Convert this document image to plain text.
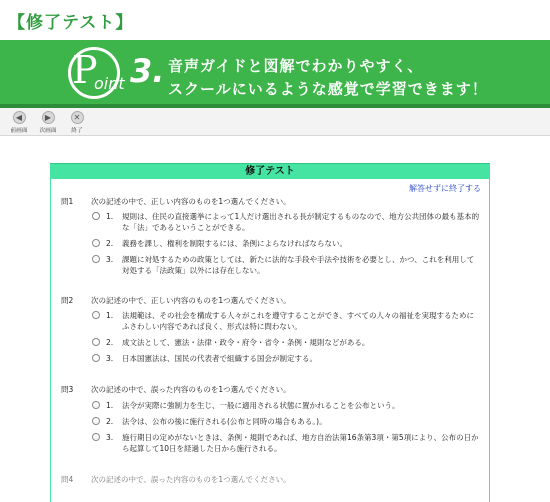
【修了テスト】
P
oint 3. 音声ガイドと図解でわかりやすく、
スクールにいるような感覚で学習できます！
◀
前画面
▶
次画面
✕
終了
修了テスト
解答せずに終了する
問1	次の記述の中で、正しい内容のものを1つ選んでください。
1. 規則は、住民の直接選挙によって1人だけ選出される長が制定するものなので、地方公共団体の最も基本的な「法」であるということができる。
2. 義務を課し、権利を制限するには、条例によらなければならない。
3. 課題に対処するための政策としては、新たに法的な手段や手法や技術を必要とし、かつ、これを利用して対処する「法政策」以外には存在しない。
問2	次の記述の中で、正しい内容のものを1つ選んでください。
1. 法規範は、その社会を構成する人々がこれを遵守することができ、すべての人々の福祉を実現するためにふさわしい内容であれば良く、形式は特に問わない。
2. 成文法として、憲法・法律・政令・府令・省令・条例・規則などがある。
3. 日本国憲法は、国民の代表者で組織する国会が制定する。
問3	次の記述の中で、誤った内容のものを1つ選んでください。
1. 法令が実際に強制力を生じ、一般に適用される状態に置かれることを公布という。
2. 法令は、公布の後に施行される(公布と同時の場合もある。)。
3. 施行期日の定めがないときは、条例・規則であれば、地方自治法第16条第3項・第5項により、公布の日から起算して10日を経過した日から施行される。
問4	次の記述の中で、誤った内容のものを1つ選んでください。
